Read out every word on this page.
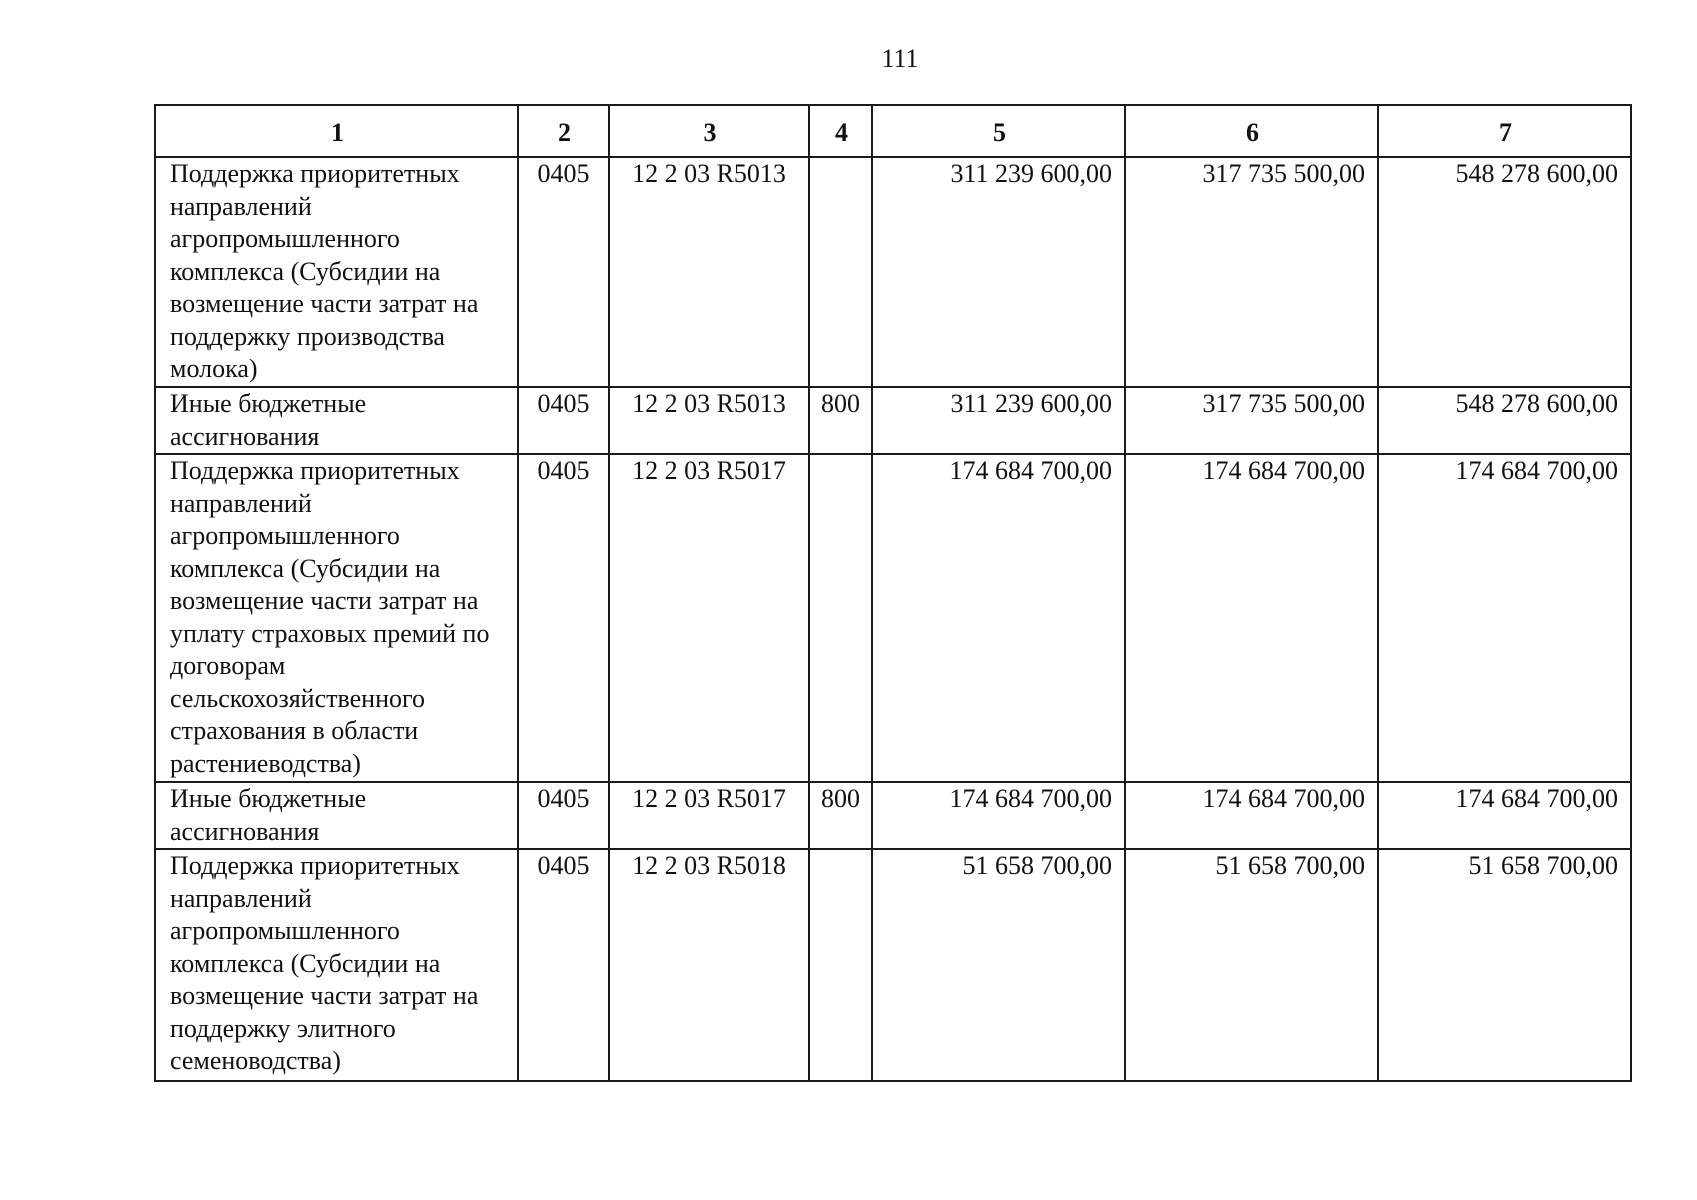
111
1	2	3	4	5	6	7
Поддержка приоритетных направлений агропромышленного комплекса (Субсидии на возмещение части затрат на поддержку производства молока)	0405	12 2 03 R5013		311 239 600,00	317 735 500,00	548 278 600,00
Иные бюджетные ассигнования	0405	12 2 03 R5013	800	311 239 600,00	317 735 500,00	548 278 600,00
Поддержка приоритетных направлений агропромышленного комплекса (Субсидии на возмещение части затрат на уплату страховых премий по договорам сельскохозяйственного страхования в области растениеводства)	0405	12 2 03 R5017		174 684 700,00	174 684 700,00	174 684 700,00
Иные бюджетные ассигнования	0405	12 2 03 R5017	800	174 684 700,00	174 684 700,00	174 684 700,00
Поддержка приоритетных направлений агропромышленного комплекса (Субсидии на возмещение части затрат на поддержку элитного семеноводства)	0405	12 2 03 R5018		51 658 700,00	51 658 700,00	51 658 700,00
